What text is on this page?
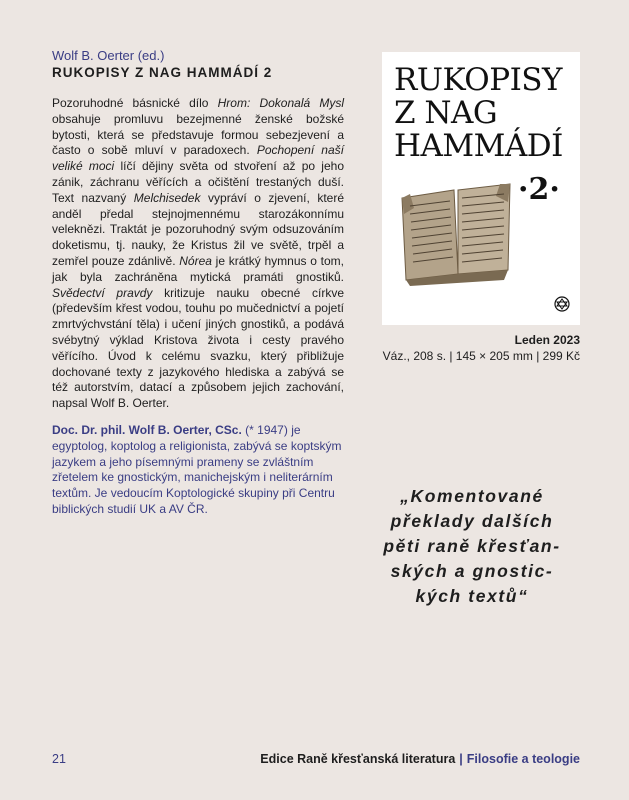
Wolf B. Oerter (ed.)
RUKOPISY Z NAG HAMMÁDÍ 2
Pozoruhodné básnické dílo Hrom: Dokonalá Mysl obsahuje promluvu bezejmenné ženské božské bytosti, která se představuje formou sebezjevení a často o sobě mluví v paradoxech. Pochopení naší veliké moci líčí dějiny světa od stvoření až po jeho zánik, záchranu věřících a očištění trestaných duší. Text nazvaný Melchisedek vypráví o zjevení, které anděl předal stejnojmennému starozákonnímu veleknězi. Traktát je pozoruhodný svým odsuzováním doketismu, tj. nauky, že Kristus žil ve světě, trpěl a zemřel pouze zdánlivě. Nórea je krátký hymnus o tom, jak byla zachráněna mytická pramáti gnostiků. Svědectví pravdy kritizuje nauku obecné církve (především křest vodou, touhu po mučednictví a pojetí zmrtvýchvstání těla) i učení jiných gnostiků, a podává svébytný výklad Kristova života i cesty pravého věřícího. Úvod k celému svazku, který přibližuje dochované texty z jazykového hlediska a zabývá se též autorstvím, datací a způsobem jejich zachování, napsal Wolf B. Oerter.
Doc. Dr. phil. Wolf B. Oerter, CSc. (* 1947) je egyptolog, koptolog a religionista, zabývá se koptským jazykem a jeho písemnými prameny se zvláštním zřetelem ke gnostickým, manichejským i neliterárním textům. Je vedoucím Koptologické skupiny při Centru biblických studií UK a AV ČR.
RUKOPISY
Z NAG
HAMMÁDÍ
·2·
Leden 2023
Váz., 208 s. | 145 × 205 mm | 299 Kč
„Komentované
překlady dalších
pěti raně křesťan-
ských a gnostic-
kých textů“
21	Edice Raně křesťanská literatura | Filosofie a teologie
